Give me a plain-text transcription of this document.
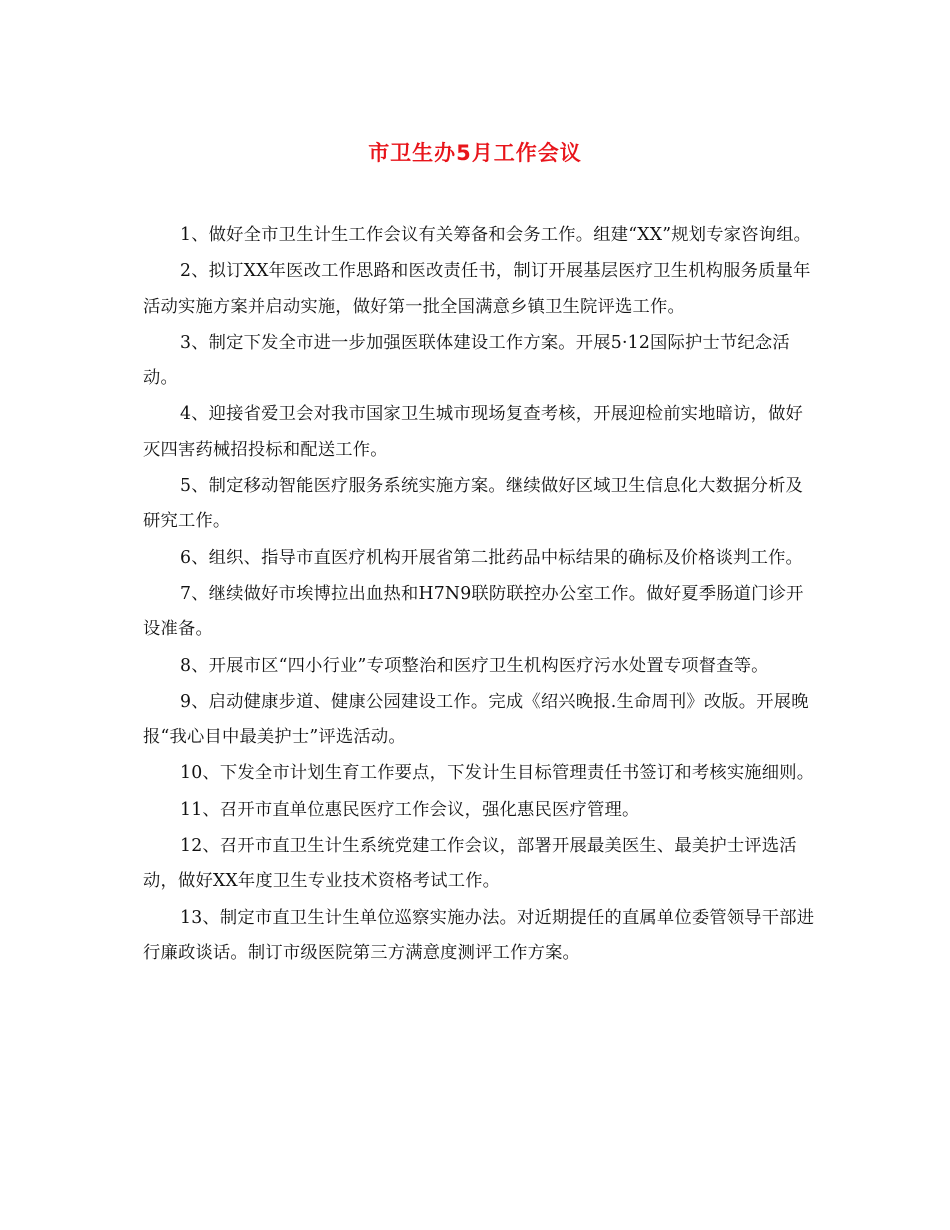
市卫生办5月工作会议

1、做好全市卫生计生工作会议有关筹备和会务工作。组建“XX”规划专家咨询组。

2、拟订XX年医改工作思路和医改责任书，制订开展基层医疗卫生机构服务质量年活动实施方案并启动实施，做好第一批全国满意乡镇卫生院评选工作。

3、制定下发全市进一步加强医联体建设工作方案。开展5·12国际护士节纪念活动。

4、迎接省爱卫会对我市国家卫生城市现场复查考核，开展迎检前实地暗访，做好灭四害药械招投标和配送工作。

5、制定移动智能医疗服务系统实施方案。继续做好区域卫生信息化大数据分析及研究工作。

6、组织、指导市直医疗机构开展省第二批药品中标结果的确标及价格谈判工作。

7、继续做好市埃博拉出血热和H7N9联防联控办公室工作。做好夏季肠道门诊开设准备。

8、开展市区“四小行业”专项整治和医疗卫生机构医疗污水处置专项督查等。

9、启动健康步道、健康公园建设工作。完成《绍兴晚报.生命周刊》改版。开展晚报“我心目中最美护士”评选活动。

10、下发全市计划生育工作要点，下发计生目标管理责任书签订和考核实施细则。

11、召开市直单位惠民医疗工作会议，强化惠民医疗管理。

12、召开市直卫生计生系统党建工作会议，部署开展最美医生、最美护士评选活动，做好XX年度卫生专业技术资格考试工作。

13、制定市直卫生计生单位巡察实施办法。对近期提任的直属单位委管领导干部进行廉政谈话。制订市级医院第三方满意度测评工作方案。
